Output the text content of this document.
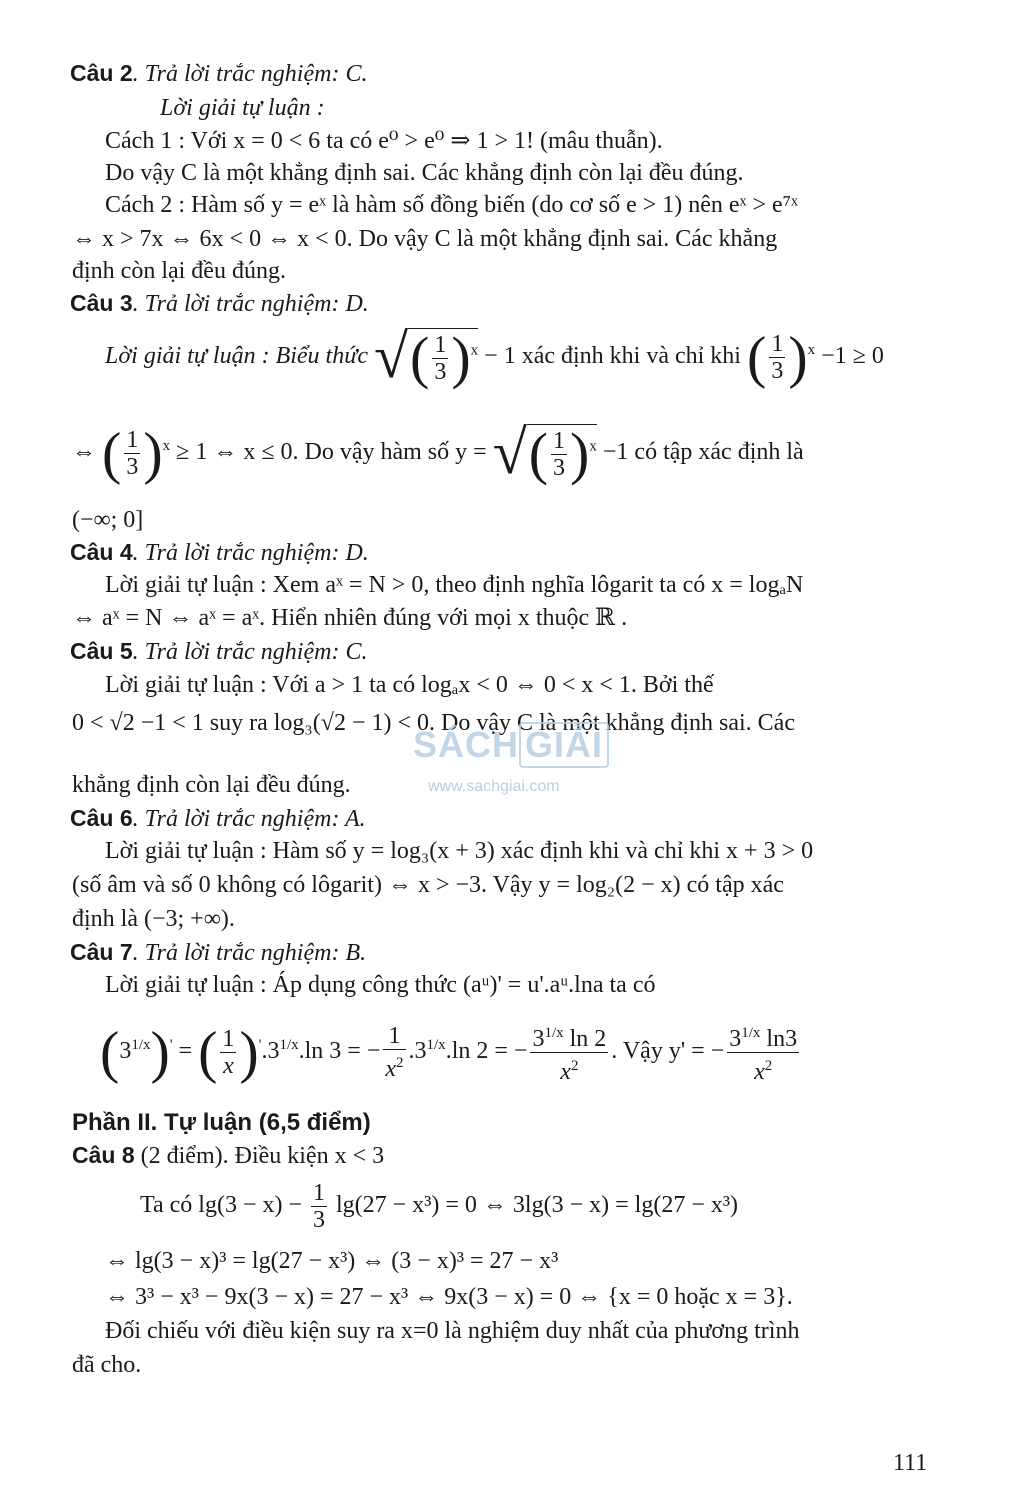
Câu 2. Trả lời trắc nghiệm: C.
Lời giải tự luận :
Cách 1 : Với x = 0 < 6 ta có e⁰ > e⁰ ⇒ 1 > 1! (mâu thuẫn).
Do vậy C là một khẳng định sai. Các khẳng định còn lại đều đúng.
Cách 2 : Hàm số y = eˣ là hàm số đồng biến (do cơ số e > 1) nên eˣ > e⁷ˣ
⇔ x > 7x ⇔ 6x < 0 ⇔ x < 0. Do vậy C là một khẳng định sai. Các khẳng
định còn lại đều đúng.
Câu 3. Trả lời trắc nghiệm: D.
Lời giải tự luận : Biểu thức √( $\frac{1}{3} )^x - 1$ xác định khi và chỉ khi ( $\frac{1}{3} )^x -1 \ge 0$
⇔ ( $\frac{1}{3} )^x \ge 1$ ⇔ x ≤ 0. Do vậy hàm số y = √( $\frac{1}{3} )^x -1$ có tập xác định là
(−∞; 0]
Câu 4. Trả lời trắc nghiệm: D.
Lời giải tự luận : Xem aˣ = N > 0, theo định nghĩa lôgarit ta có x = logₐN
⇔ aˣ = N ⇔ aˣ = aˣ. Hiển nhiên đúng với mọi x thuộc ℝ .
Câu 5. Trả lời trắc nghiệm: C.
Lời giải tự luận : Với a > 1 ta có logₐx < 0 ⇔ 0 < x < 1. Bởi thế
0 < √2 −1 < 1 suy ra log₃(√2 − 1) < 0. Do vậy C là một khẳng định sai. Các
khẳng định còn lại đều đúng.
SÁCH GIẢI
www.sachgiai.com
Câu 6. Trả lời trắc nghiệm: A.
Lời giải tự luận : Hàm số y = log₃(x + 3) xác định khi và chỉ khi x + 3 > 0
(số âm và số 0 không có lôgarit) ⇔ x > −3. Vậy y = log₂(2 − x) có tập xác
định là (−3; +∞).
Câu 7. Trả lời trắc nghiệm: B.
Lời giải tự luận : Áp dụng công thức (aᵘ)' = u'.aᵘ.lna ta có
$(3^{1/x})'$ = ( $\frac{1}{x} )'.3^{1/x}.\ln$ 3 = − $\frac{1}{x^2} .3^{1/x}.\ln$ 2 = − $\frac{3^{1/x} \ln 2}{x^2}$ . Vậy y' = − $\frac{3^{1/x} \ln 3}{x^2}$
Phần II. Tự luận (6,5 điểm)
Câu 8 (2 điểm). Điều kiện x < 3
Ta có $\lg(3 - x) - \frac{1}{3} \lg(27 - x^3) = 0$ ⇔ 3lg(3 − x) = lg(27 − x³)
⇔ lg(3 − x)³ = lg(27 − x³) ⇔ (3 − x)³ = 27 − x³
⇔ 3³ − x³ − 9x(3 − x) = 27 − x³ ⇔ 9x(3 − x) = 0 ⇔ {x = 0 hoặc x = 3}.
Đối chiếu với điều kiện suy ra x=0 là nghiệm duy nhất của phương trình
đã cho.
111
